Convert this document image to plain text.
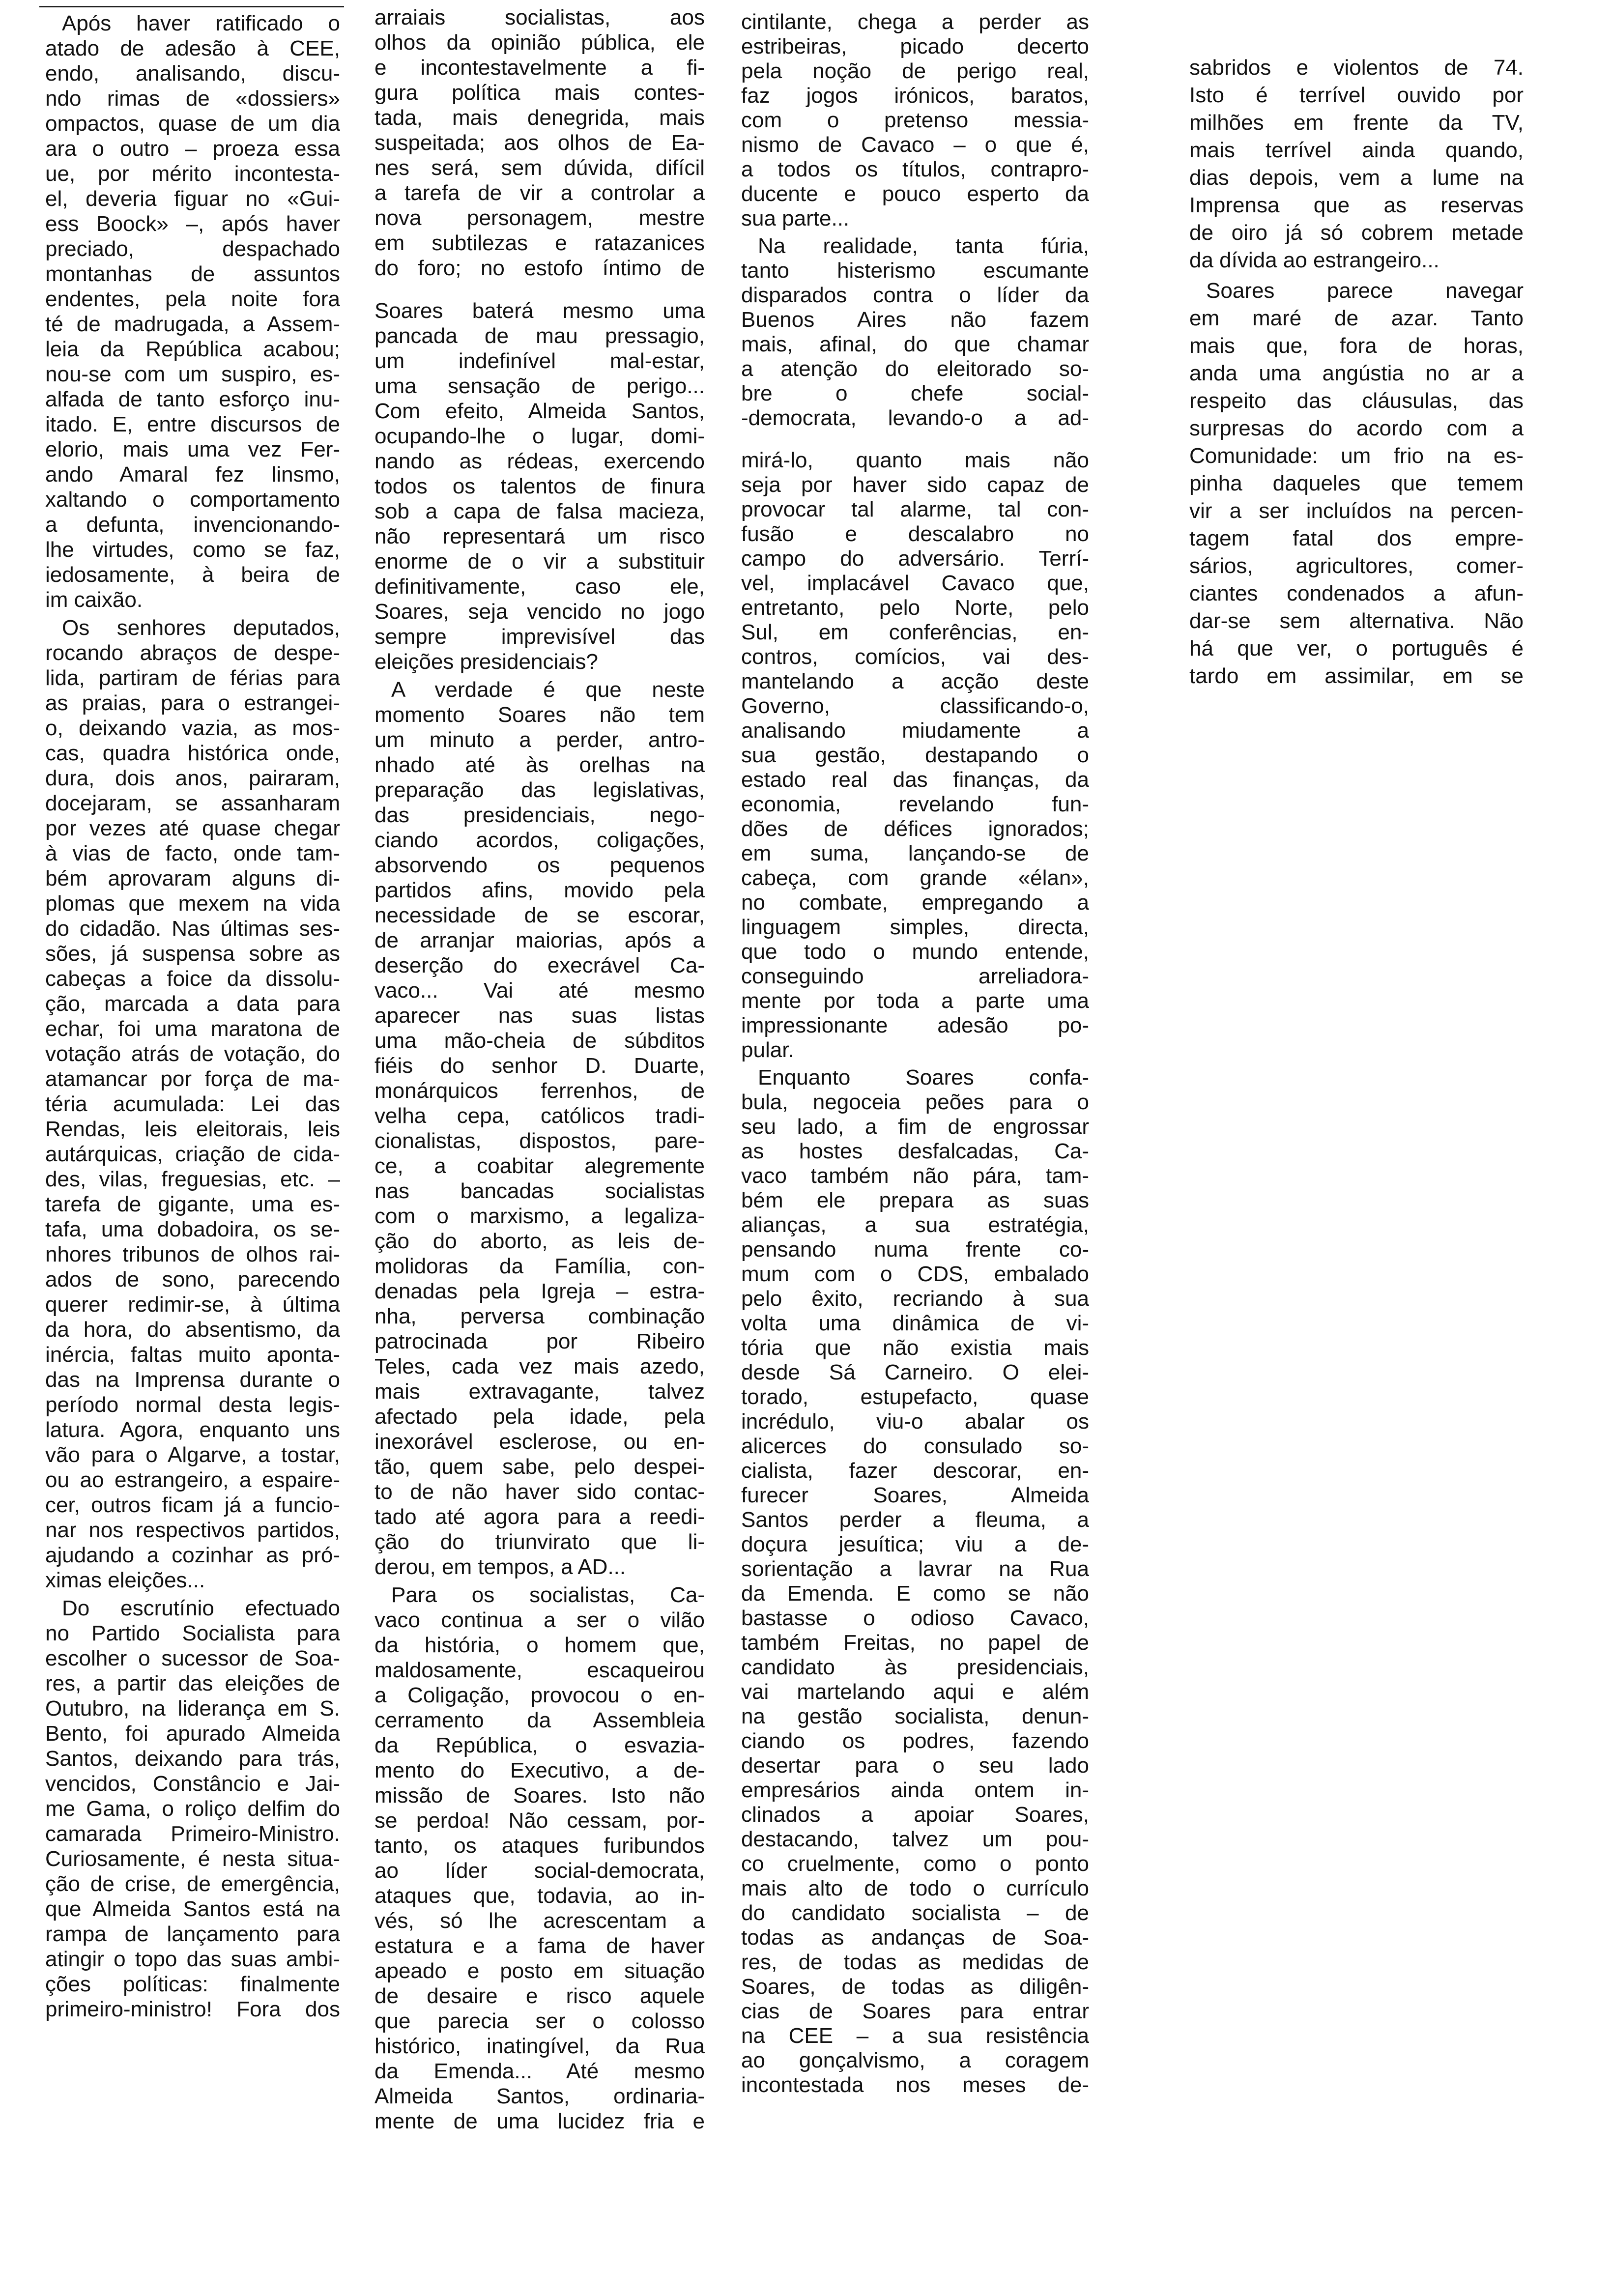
Após haver ratificado o
atado de adesão à CEE,
endo, analisando, discu-
ndo rimas de «dossiers»
ompactos, quase de um dia
ara o outro – proeza essa
ue, por mérito incontesta-
el, deveria figuar no «Gui-
ess Boock» –, após haver
preciado, despachado
montanhas de assuntos
endentes, pela noite fora
té de madrugada, a Assem-
leia da República acabou;
nou-se com um suspiro, es-
alfada de tanto esforço inu-
itado. E, entre discursos de
elorio, mais uma vez Fer-
ando Amaral fez linsmo,
xaltando o comportamento
a defunta, invencionando-
lhe virtudes, como se faz,
iedosamente, à beira de
im caixão.
Os senhores deputados,
rocando abraços de despe-
lida, partiram de férias para
as praias, para o estrangei-
o, deixando vazia, as mos-
cas, quadra histórica onde,
dura, dois anos, pairaram,
docejaram, se assanharam
por vezes até quase chegar
à vias de facto, onde tam-
bém aprovaram alguns di-
plomas que mexem na vida
do cidadão. Nas últimas ses-
sões, já suspensa sobre as
cabeças a foice da dissolu-
ção, marcada a data para
echar, foi uma maratona de
votação atrás de votação, do
atamancar por força de ma-
téria acumulada: Lei das
Rendas, leis eleitorais, leis
autárquicas, criação de cida-
des, vilas, freguesias, etc. –
tarefa de gigante, uma es-
tafa, uma dobadoira, os se-
nhores tribunos de olhos rai-
ados de sono, parecendo
querer redimir-se, à última
da hora, do absentismo, da
inércia, faltas muito aponta-
das na Imprensa durante o
período normal desta legis-
latura. Agora, enquanto uns
vão para o Algarve, a tostar,
ou ao estrangeiro, a espaire-
cer, outros ficam já a funcio-
nar nos respectivos partidos,
ajudando a cozinhar as pró-
ximas eleições...
Do escrutínio efectuado
no Partido Socialista para
escolher o sucessor de Soa-
res, a partir das eleições de
Outubro, na liderança em S.
Bento, foi apurado Almeida
Santos, deixando para trás,
vencidos, Constâncio e Jai-
me Gama, o roliço delfim do
camarada Primeiro-Ministro.
Curiosamente, é nesta situa-
ção de crise, de emergência,
que Almeida Santos está na
rampa de lançamento para
atingir o topo das suas ambi-
ções políticas: finalmente
primeiro-ministro! Fora dos
arraiais socialistas, aos
olhos da opinião pública, ele
e incontestavelmente a fi-
gura política mais contes-
tada, mais denegrida, mais
suspeitada; aos olhos de Ea-
nes será, sem dúvida, difícil
a tarefa de vir a controlar a
nova personagem, mestre
em subtilezas e ratazanices
do foro; no estofo íntimo de
Soares baterá mesmo uma
pancada de mau pressagio,
um indefinível mal-estar,
uma sensação de perigo...
Com efeito, Almeida Santos,
ocupando-lhe o lugar, domi-
nando as rédeas, exercendo
todos os talentos de finura
sob a capa de falsa macieza,
não representará um risco
enorme de o vir a substituir
definitivamente, caso ele,
Soares, seja vencido no jogo
sempre imprevisível das
eleições presidenciais?
A verdade é que neste
momento Soares não tem
um minuto a perder, antro-
nhado até às orelhas na
preparação das legislativas,
das presidenciais, nego-
ciando acordos, coligações,
absorvendo os pequenos
partidos afins, movido pela
necessidade de se escorar,
de arranjar maiorias, após a
deserção do execrável Ca-
vaco... Vai até mesmo
aparecer nas suas listas
uma mão-cheia de súbditos
fiéis do senhor D. Duarte,
monárquicos ferrenhos, de
velha cepa, católicos tradi-
cionalistas, dispostos, pare-
ce, a coabitar alegremente
nas bancadas socialistas
com o marxismo, a legaliza-
ção do aborto, as leis de-
molidoras da Família, con-
denadas pela Igreja – estra-
nha, perversa combinação
patrocinada por Ribeiro
Teles, cada vez mais azedo,
mais extravagante, talvez
afectado pela idade, pela
inexorável esclerose, ou en-
tão, quem sabe, pelo despei-
to de não haver sido contac-
tado até agora para a reedi-
ção do triunvirato que li-
derou, em tempos, a AD...
Para os socialistas, Ca-
vaco continua a ser o vilão
da história, o homem que,
maldosamente, escaqueirou
a Coligação, provocou o en-
cerramento da Assembleia
da República, o esvazia-
mento do Executivo, a de-
missão de Soares. Isto não
se perdoa! Não cessam, por-
tanto, os ataques furibundos
ao líder social-democrata,
ataques que, todavia, ao in-
vés, só lhe acrescentam a
estatura e a fama de haver
apeado e posto em situação
de desaire e risco aquele
que parecia ser o colosso
histórico, inatingível, da Rua
da Emenda... Até mesmo
Almeida Santos, ordinaria-
mente de uma lucidez fria e
cintilante, chega a perder as
estribeiras, picado decerto
pela noção de perigo real,
faz jogos irónicos, baratos,
com o pretenso messia-
nismo de Cavaco – o que é,
a todos os títulos, contrapro-
ducente e pouco esperto da
sua parte...
Na realidade, tanta fúria,
tanto histerismo escumante
disparados contra o líder da
Buenos Aires não fazem
mais, afinal, do que chamar
a atenção do eleitorado so-
bre o chefe social-
-democrata, levando-o a ad-
mirá-lo, quanto mais não
seja por haver sido capaz de
provocar tal alarme, tal con-
fusão e descalabro no
campo do adversário. Terrí-
vel, implacável Cavaco que,
entretanto, pelo Norte, pelo
Sul, em conferências, en-
contros, comícios, vai des-
mantelando a acção deste
Governo, classificando-o,
analisando miudamente a
sua gestão, destapando o
estado real das finanças, da
economia, revelando fun-
dões de défices ignorados;
em suma, lançando-se de
cabeça, com grande «élan»,
no combate, empregando a
linguagem simples, directa,
que todo o mundo entende,
conseguindo arreliadora-
mente por toda a parte uma
impressionante adesão po-
pular.
Enquanto Soares confa-
bula, negoceia peões para o
seu lado, a fim de engrossar
as hostes desfalcadas, Ca-
vaco também não pára, tam-
bém ele prepara as suas
alianças, a sua estratégia,
pensando numa frente co-
mum com o CDS, embalado
pelo êxito, recriando à sua
volta uma dinâmica de vi-
tória que não existia mais
desde Sá Carneiro. O elei-
torado, estupefacto, quase
incrédulo, viu-o abalar os
alicerces do consulado so-
cialista, fazer descorar, en-
furecer Soares, Almeida
Santos perder a fleuma, a
doçura jesuítica; viu a de-
sorientação a lavrar na Rua
da Emenda. E como se não
bastasse o odioso Cavaco,
também Freitas, no papel de
candidato às presidenciais,
vai martelando aqui e além
na gestão socialista, denun-
ciando os podres, fazendo
desertar para o seu lado
empresários ainda ontem in-
clinados a apoiar Soares,
destacando, talvez um pou-
co cruelmente, como o ponto
mais alto de todo o currículo
do candidato socialista – de
todas as andanças de Soa-
res, de todas as medidas de
Soares, de todas as diligên-
cias de Soares para entrar
na CEE – a sua resistência
ao gonçalvismo, a coragem
incontestada nos meses de-
sabridos e violentos de 74.
Isto é terrível ouvido por
milhões em frente da TV,
mais terrível ainda quando,
dias depois, vem a lume na
Imprensa que as reservas
de oiro já só cobrem metade
da dívida ao estrangeiro...
Soares parece navegar
em maré de azar. Tanto
mais que, fora de horas,
anda uma angústia no ar a
respeito das cláusulas, das
surpresas do acordo com a
Comunidade: um frio na es-
pinha daqueles que temem
vir a ser incluídos na percen-
tagem fatal dos empre-
sários, agricultores, comer-
ciantes condenados a afun-
dar-se sem alternativa. Não
há que ver, o português é
tardo em assimilar, em se
